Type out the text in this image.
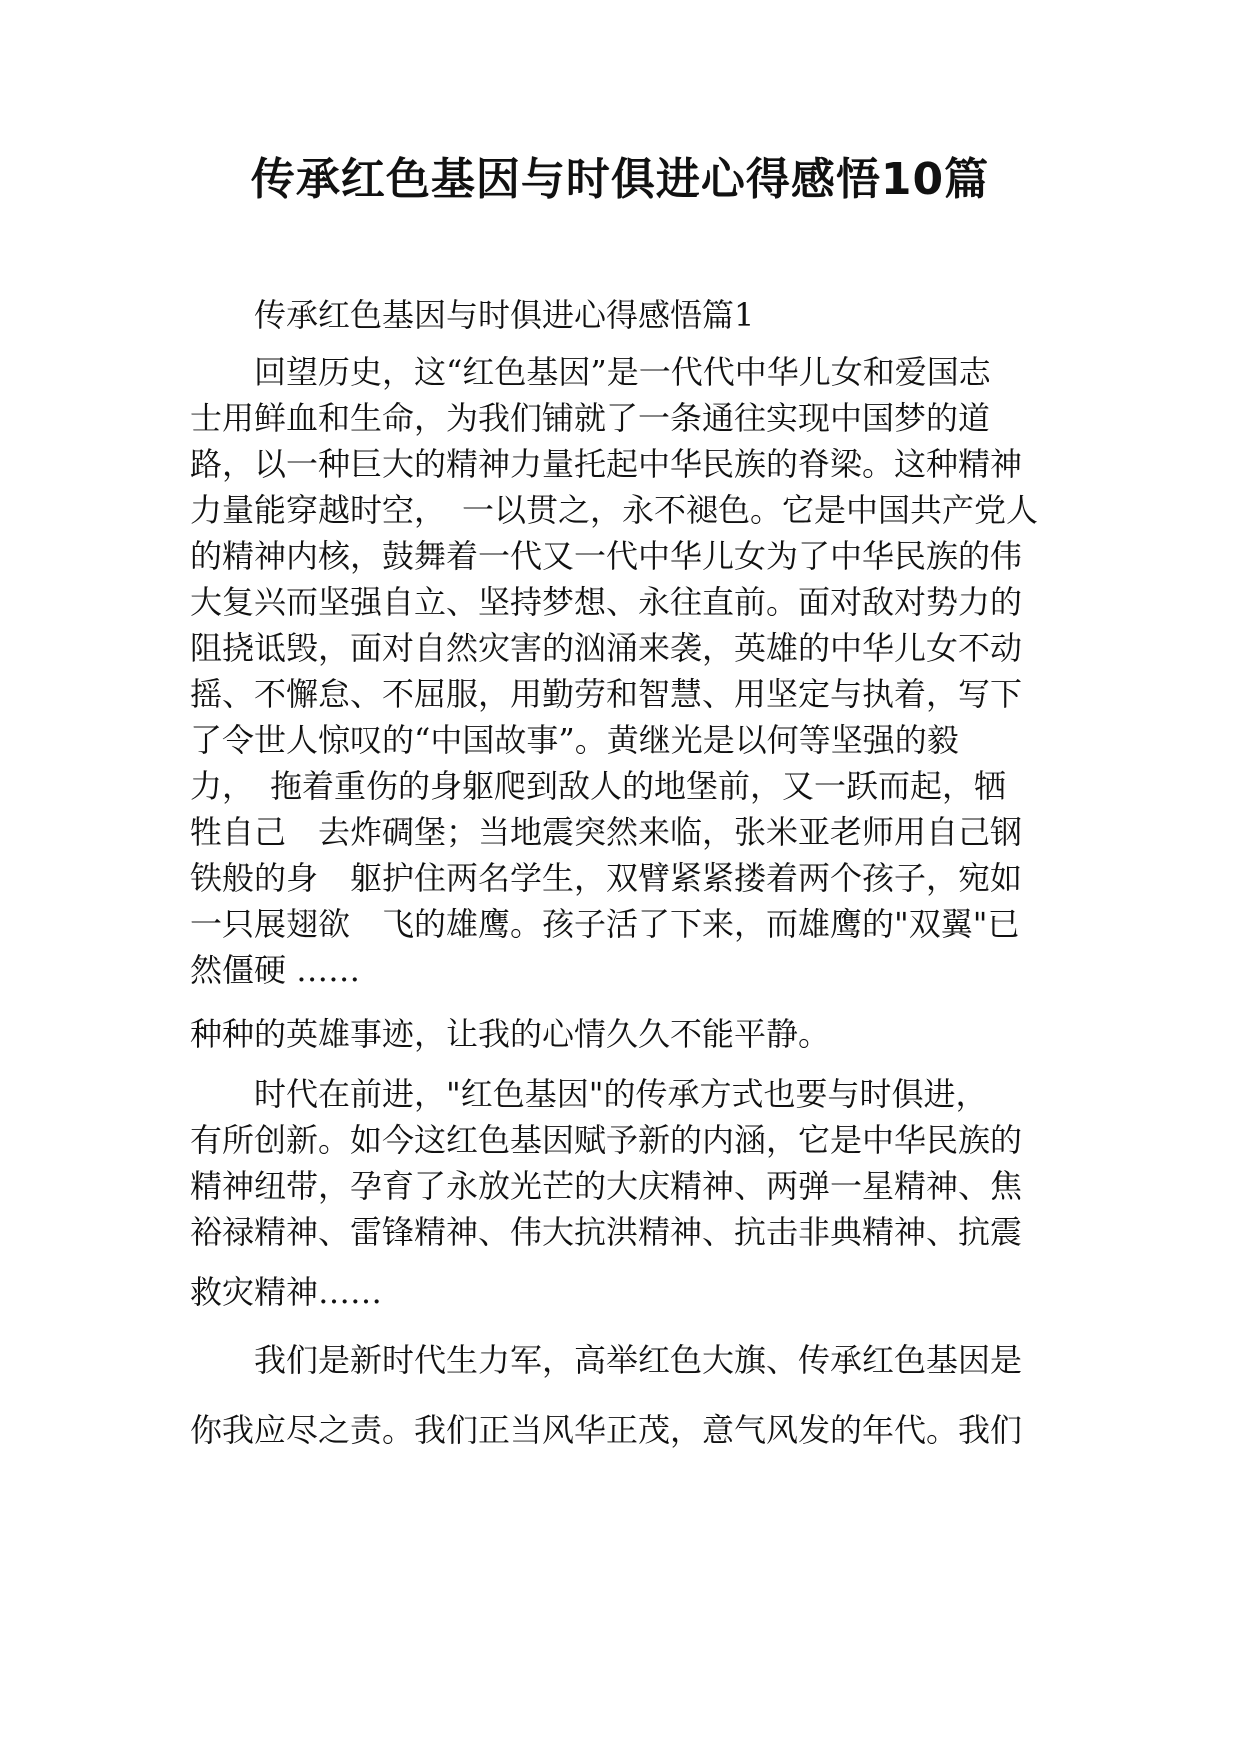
传承红色基因与时俱进心得感悟10篇

传承红色基因与时俱进心得感悟篇1

回望历史，这“红色基因”是一代代中华儿女和爱国志

士用鲜血和生命，为我们铺就了一条通往实现中国梦的道

路，以一种巨大的精神力量托起中华民族的脊梁。这种精神

力量能穿越时空，　一以贯之，永不褪色。它是中国共产党人

的精神内核，鼓舞着一代又一代中华儿女为了中华民族的伟

大复兴而坚强自立、坚持梦想、永往直前。面对敌对势力的

阻挠诋毁，面对自然灾害的汹涌来袭，英雄的中华儿女不动

摇、不懈怠、不屈服，用勤劳和智慧、用坚定与执着，写下

了令世人惊叹的“中国故事”。黄继光是以何等坚强的毅

力，　拖着重伤的身躯爬到敌人的地堡前，又一跃而起，牺

牲自己　去炸碉堡；当地震突然来临，张米亚老师用自己钢

铁般的身　躯护住两名学生，双臂紧紧搂着两个孩子，宛如

一只展翅欲　飞的雄鹰。孩子活了下来，而雄鹰的"双翼"已

然僵硬 ……

种种的英雄事迹，让我的心情久久不能平静。

时代在前进，"红色基因"的传承方式也要与时俱进，

有所创新。如今这红色基因赋予新的内涵，它是中华民族的

精神纽带，孕育了永放光芒的大庆精神、两弹一星精神、焦

裕禄精神、雷锋精神、伟大抗洪精神、抗击非典精神、抗震

救灾精神……

我们是新时代生力军，高举红色大旗、传承红色基因是

你我应尽之责。我们正当风华正茂，意气风发的年代。我们
